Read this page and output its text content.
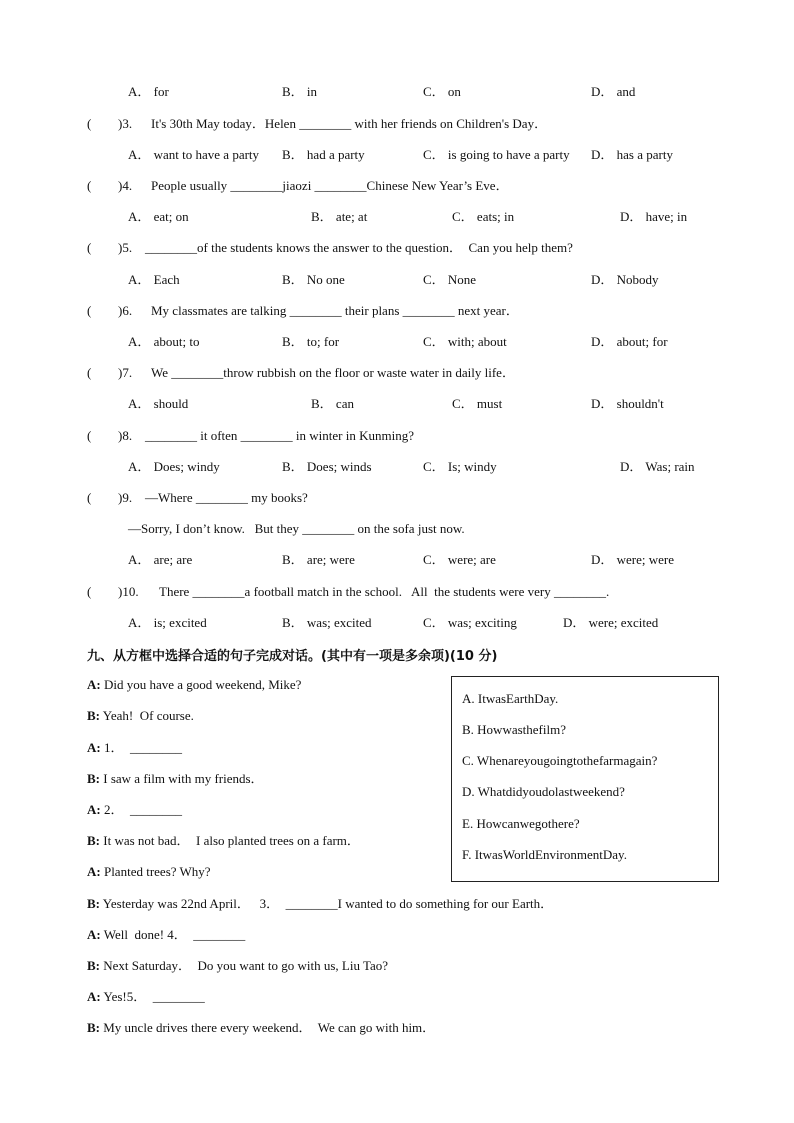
A． for	B． in	C． on	D． and
( )3. It's 30th May today．Helen ________ with her friends on Children's Day．
A． want to have a party B． had a party	C． is going to have a party D． has a party
( )4. People usually ________jiaozi ________Chinese New Year’s Eve．
A． eat; on	B． ate; at	C． eats; in	D． have; in
( )5. ________of the students knows the answer to the question．  Can you help them?
A． Each	B． No one	C． None	D． Nobody
( )6. My classmates are talking ________ their plans ________ next year．
A． about; to	B． to; for	C． with; about	D． about; for
( )7. We ________throw rubbish on the floor or waste water in daily life．
A． should	B． can	C． must	D． shouldn't
( )8. ________ it often ________ in winter in Kunming?
A． Does; windy	B． Does; winds	C． Is; windy	D． Was; rain
( )9. —Where ________ my books?
—Sorry, I don’t know.   But they ________ on the sofa just now.
A． are; are	B． are; were	C． were; are	D． were; were
( )10. There ________a football match in the school.   All  the students were very ________.
A． is; excited	B． was; excited	C． was; exciting	D． were; excited
九、从方框中选择合适的句子完成对话。(其中有一项是多余项)(10 分)
A: Did you have a good weekend, Mike?
B: Yeah!  Of course.
A: 1．  ________
B: I saw a film with my friends．
A: 2．  ________
B: It was not bad．  I also planted trees on a farm．
A: Planted trees? Why?
B: Yesterday was 22nd April．   3．  ________I wanted to do something for our Earth．
A: Well  done! 4．  ________
B: Next Saturday．  Do you want to go with us, Liu Tao?
A: Yes!5．  ________
B: My uncle drives there every weekend．  We can go with him．
A. ItwasEarthDay.
B. Howwasthefilm?
C. Whenareyougoingtothefarmagain?
D. Whatdidyoudolastweekend?
E. Howcanwegothere?
F. ItwasWorldEnvironmentDay.
